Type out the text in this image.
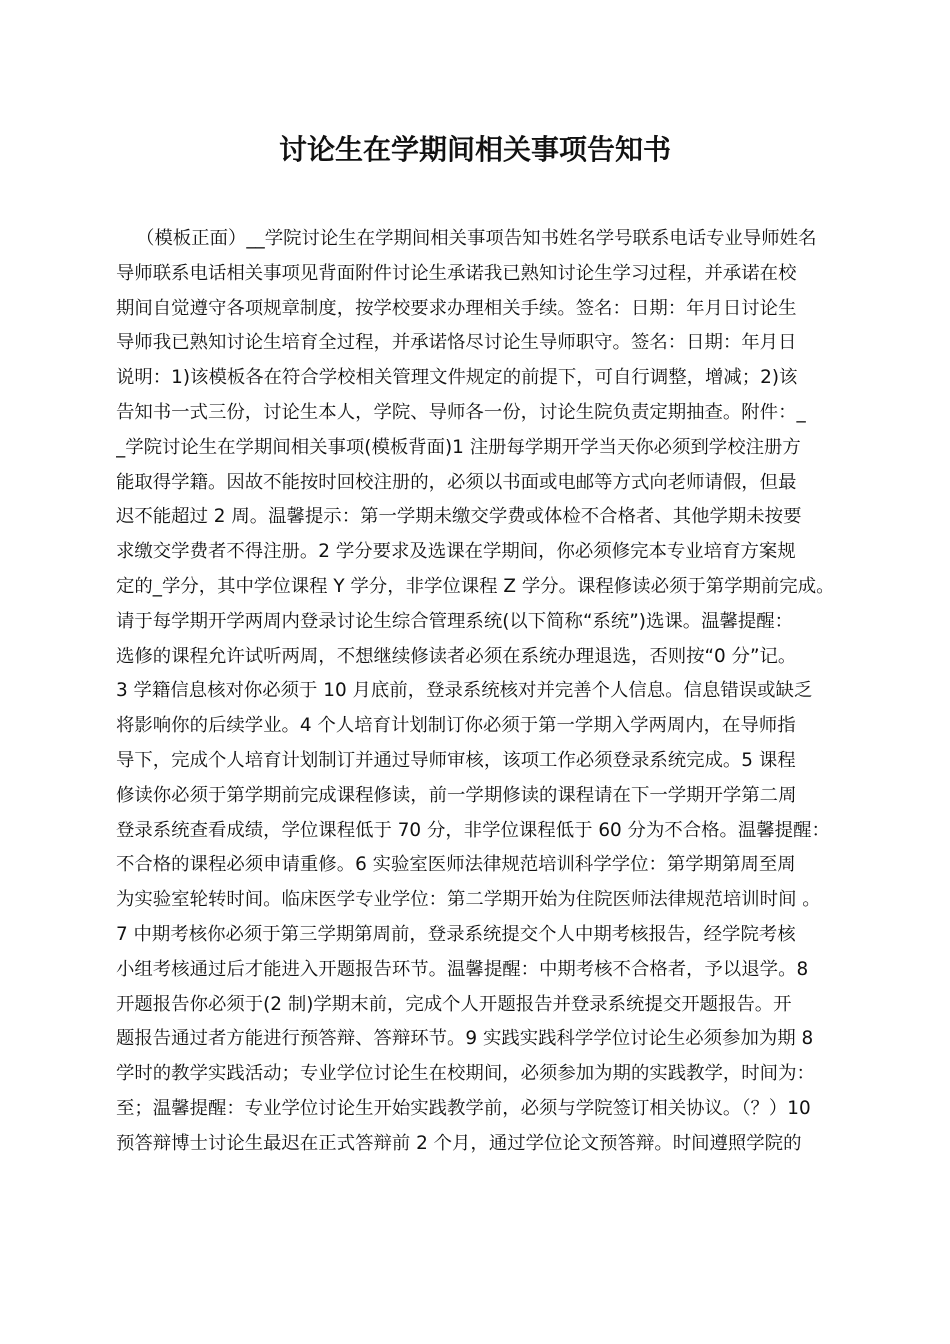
讨论生在学期间相关事项告知书
（模板正面）__学院讨论生在学期间相关事项告知书姓名学号联系电话专业导师姓名
导师联系电话相关事项见背面附件讨论生承诺我已熟知讨论生学习过程，并承诺在校
期间自觉遵守各项规章制度，按学校要求办理相关手续。签名：日期：年月日讨论生
导师我已熟知讨论生培育全过程，并承诺恪尽讨论生导师职守。签名：日期：年月日
说明：1)该模板各在符合学校相关管理文件规定的前提下，可自行调整，增减；2)该
告知书一式三份，讨论生本人，学院、导师各一份，讨论生院负责定期抽查。附件：_
_学院讨论生在学期间相关事项(模板背面)1 注册每学期开学当天你必须到学校注册方
能取得学籍。因故不能按时回校注册的，必须以书面或电邮等方式向老师请假，但最
迟不能超过 2 周。温馨提示：第一学期未缴交学费或体检不合格者、其他学期未按要
求缴交学费者不得注册。2 学分要求及选课在学期间，你必须修完本专业培育方案规
定的_学分，其中学位课程 Y 学分，非学位课程 Z 学分。课程修读必须于第学期前完成。
请于每学期开学两周内登录讨论生综合管理系统(以下简称“系统”)选课。温馨提醒：
选修的课程允许试听两周，不想继续修读者必须在系统办理退选，否则按“0 分”记。
3 学籍信息核对你必须于 10 月底前，登录系统核对并完善个人信息。信息错误或缺乏
将影响你的后续学业。4 个人培育计划制订你必须于第一学期入学两周内，在导师指
导下，完成个人培育计划制订并通过导师审核，该项工作必须登录系统完成。5 课程
修读你必须于第学期前完成课程修读，前一学期修读的课程请在下一学期开学第二周
登录系统查看成绩，学位课程低于 70 分，非学位课程低于 60 分为不合格。温馨提醒：
不合格的课程必须申请重修。6 实验室医师法律规范培训科学学位：第学期第周至周
为实验室轮转时间。临床医学专业学位：第二学期开始为住院医师法律规范培训时间 。
7 中期考核你必须于第三学期第周前，登录系统提交个人中期考核报告，经学院考核
小组考核通过后才能进入开题报告环节。温馨提醒：中期考核不合格者，予以退学。8
开题报告你必须于(2 制)学期末前，完成个人开题报告并登录系统提交开题报告。开
题报告通过者方能进行预答辩、答辩环节。9 实践实践科学学位讨论生必须参加为期 8
学时的教学实践活动；专业学位讨论生在校期间，必须参加为期的实践教学，时间为：
至；温馨提醒：专业学位讨论生开始实践教学前，必须与学院签订相关协议。（？）10
预答辩博士讨论生最迟在正式答辩前 2 个月，通过学位论文预答辩。时间遵照学院的
